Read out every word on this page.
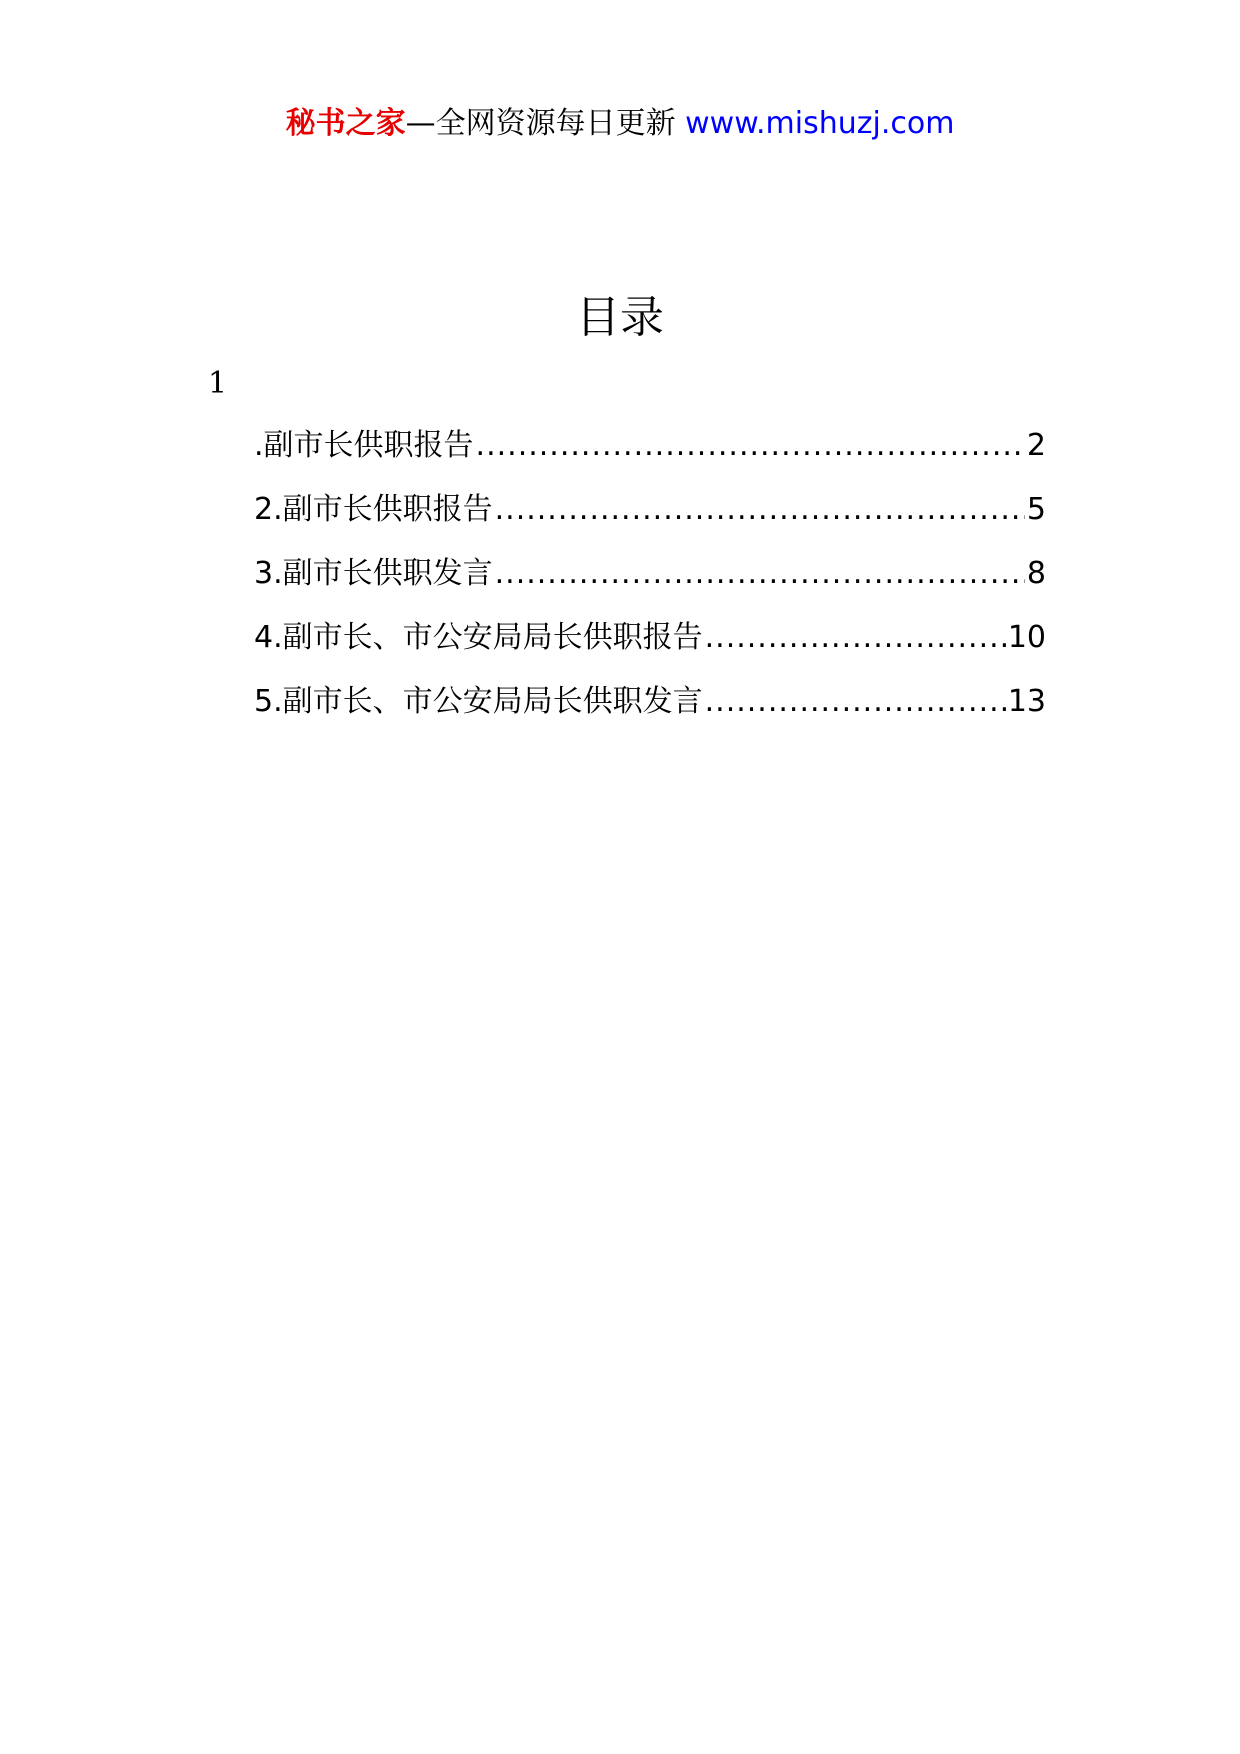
秘书之家—全网资源每日更新 www.mishuzj.com
目录
1
.副市长供职报告 .....	2
2.副市长供职报告 .....	5
3.副市长供职发言 .....	8
4.副市长、市公安局局长供职报告 .....	10
5.副市长、市公安局局长供职发言 .....	13
